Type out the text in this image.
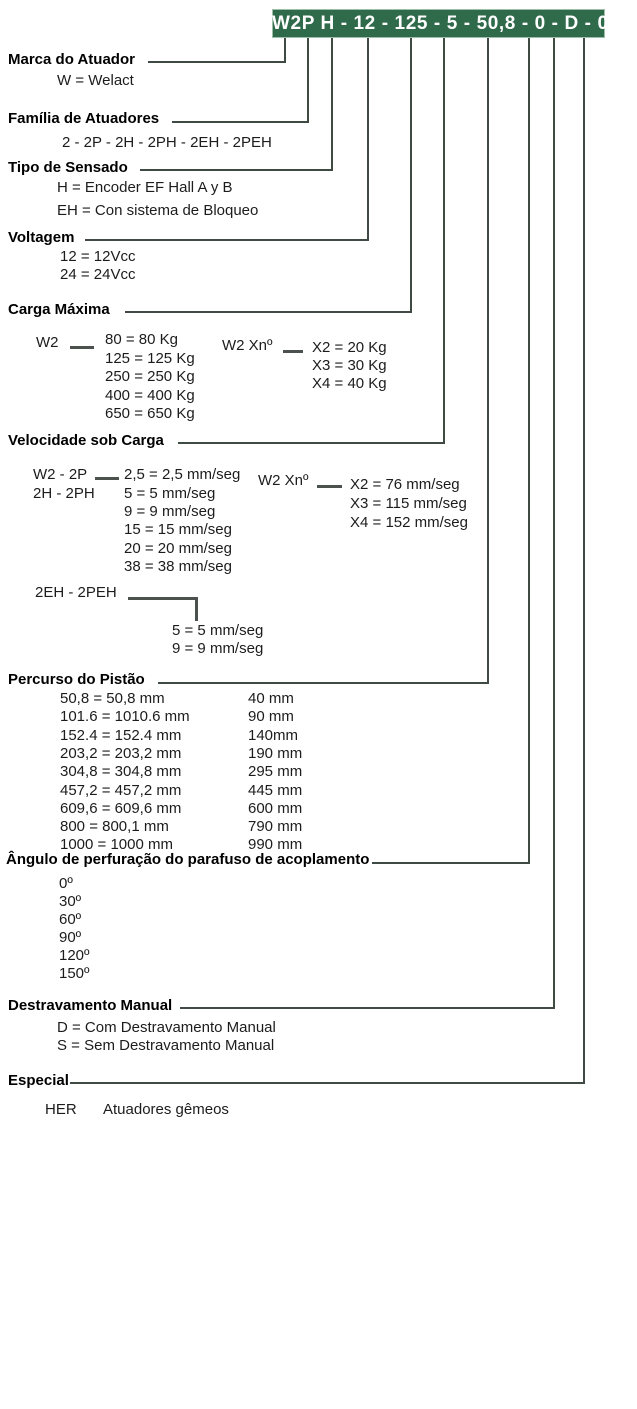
W2P H - 12 - 125 - 5 - 50,8 - 0 - D - 0
Marca do Atuador
W = Welact
Família de Atuadores
2 - 2P - 2H - 2PH - 2EH - 2PEH
Tipo de Sensado
H = Encoder EF Hall A y B
EH = Con sistema de Bloqueo
Voltagem
12 = 12Vcc
24 = 24Vcc
Carga Máxima
W2	80 = 80 Kg
125 = 125 Kg
250 = 250 Kg
400 = 400 Kg
650 = 650 Kg
W2 Xnº	X2 = 20 Kg
X3 = 30 Kg
X4 = 40 Kg
Velocidade sob Carga
W2 - 2P
2H - 2PH
2,5 = 2,5 mm/seg
5 = 5 mm/seg
9 = 9 mm/seg
15 = 15 mm/seg
20 = 20 mm/seg
38 = 38 mm/seg
W2 Xnº	X2 = 76 mm/seg
X3 = 115 mm/seg
X4 = 152 mm/seg
2EH - 2PEH
5 = 5 mm/seg
9 = 9 mm/seg
Percurso do Pistão
50,8 = 50,8 mm	40 mm
101.6 = 1010.6 mm	90 mm
152.4 = 152.4 mm	140mm
203,2 = 203,2 mm	190 mm
304,8 = 304,8 mm	295 mm
457,2 = 457,2 mm	445 mm
609,6 = 609,6 mm	600 mm
800 = 800,1 mm	790 mm
1000 = 1000 mm	990 mm
Ângulo de perfuração do parafuso de acoplamento
0º
30º
60º
90º
120º
150º
Destravamento Manual
D = Com Destravamento Manual
S = Sem Destravamento Manual
Especial
HER Atuadores gêmeos
